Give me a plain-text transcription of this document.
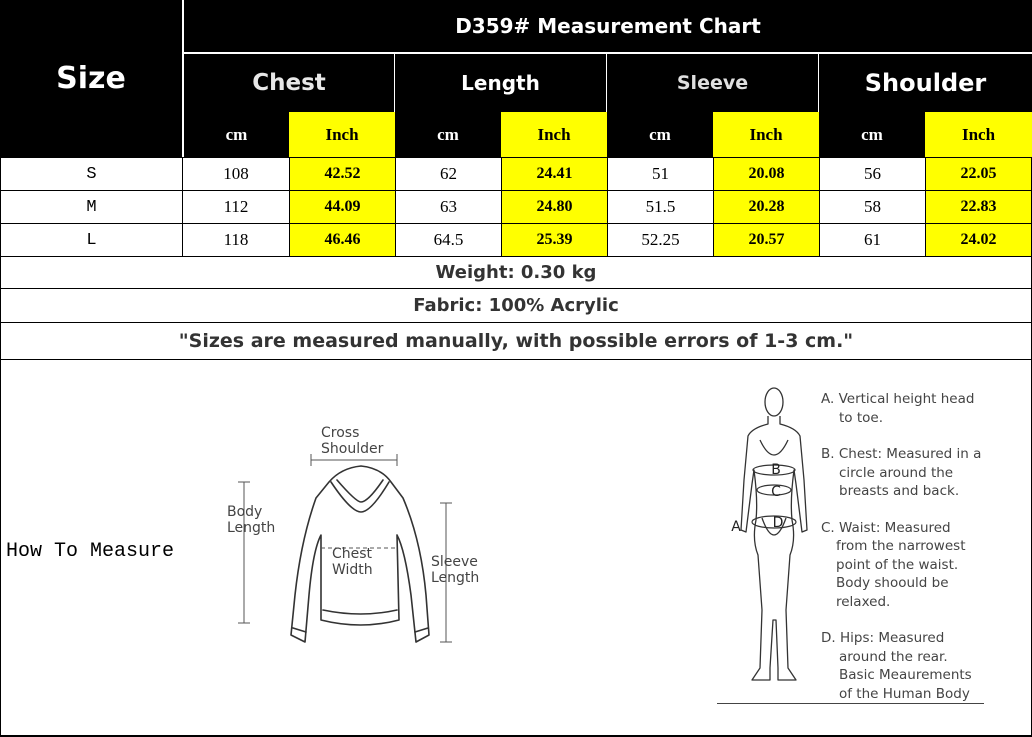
Size
D359# Measurement Chart
Chest	Length	Sleeve	Shoulder
cm	Inch	cm	Inch	cm	Inch	cm	Inch
S	108	42.52	62	24.41	51	20.08	56	22.05
M	112	44.09	63	24.80	51.5	20.28	58	22.83
L	118	46.46	64.5	25.39	52.25	20.57	61	24.02
Weight: 0.30 kg
Fabric: 100% Acrylic
"Sizes are measured manually, with possible errors of 1-3 cm."
How To Measure
Cross
Shoulder
Body
Length
Chest
Width	Sleeve
Length
B
C
D
A
A. Vertical height head
to toe.
B. Chest: Measured in a
circle around the
breasts and back.
C. Waist: Measured
from the narrowest
point of the waist.
Body shoould be
relaxed.
D. Hips: Measured
around the rear.
Basic Meaurements
of the Human Body
